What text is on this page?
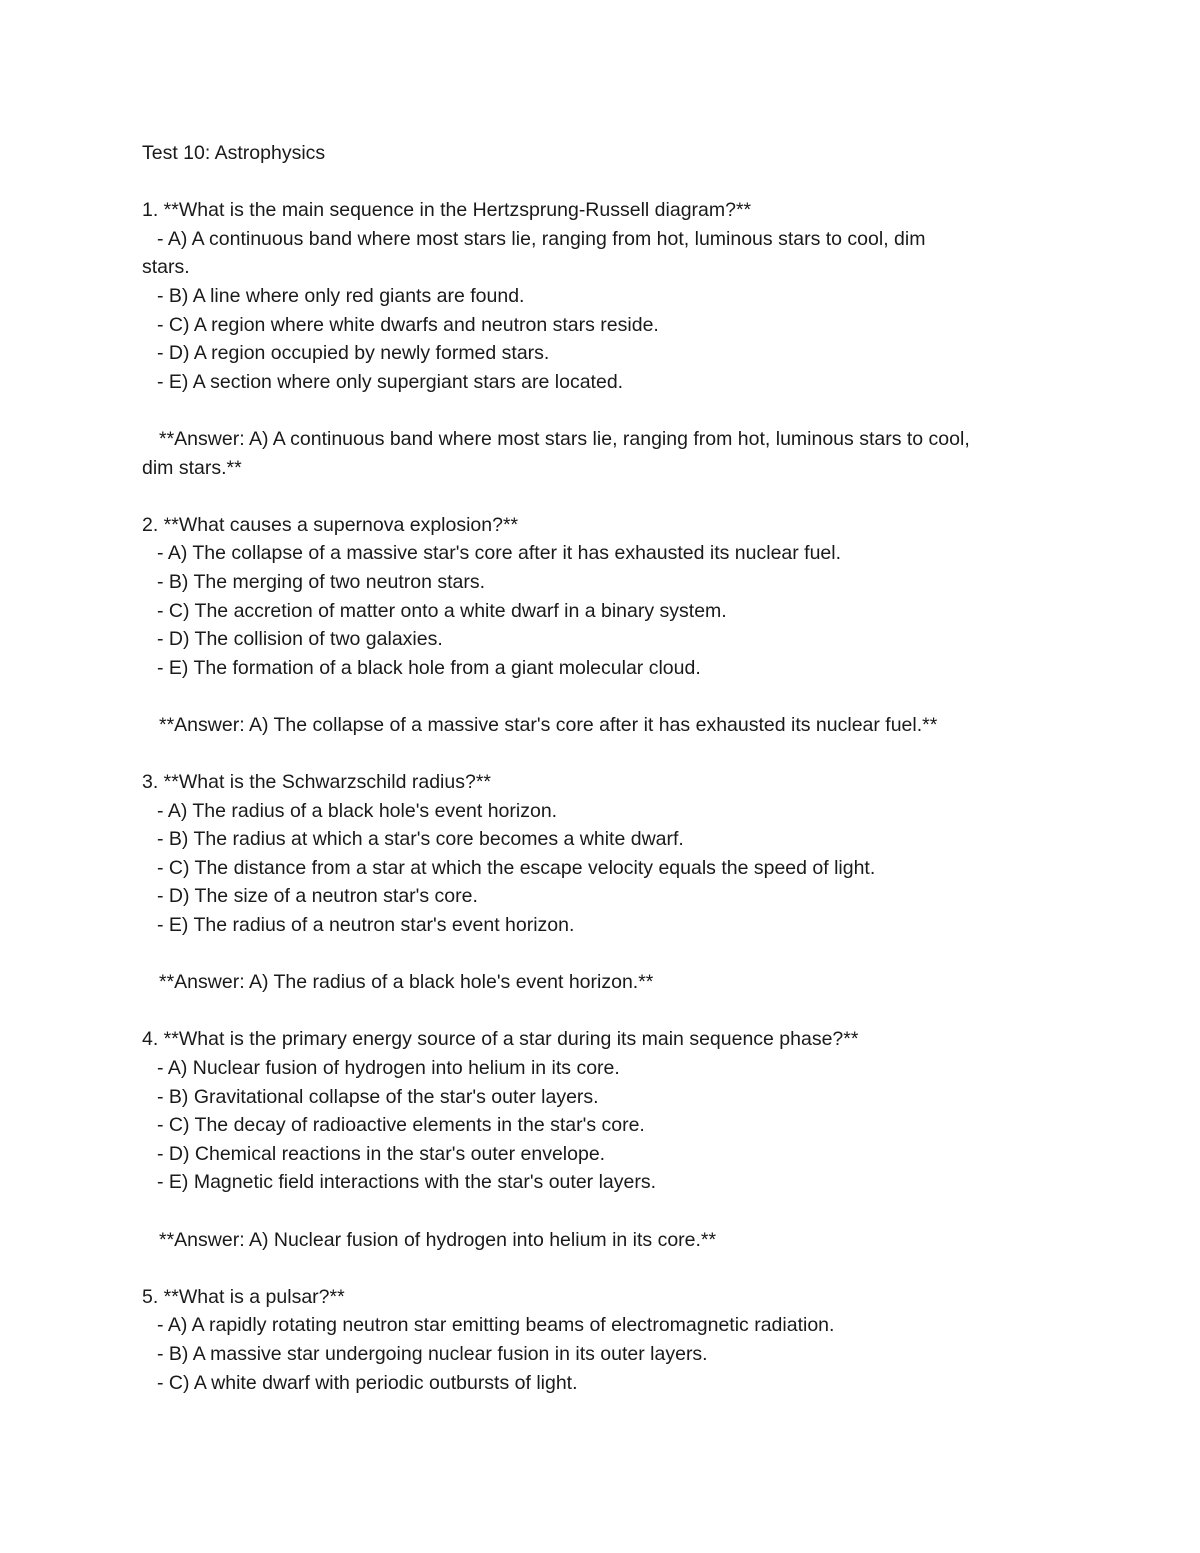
Test 10: Astrophysics
1. **What is the main sequence in the Hertzsprung-Russell diagram?**
- A) A continuous band where most stars lie, ranging from hot, luminous stars to cool, dim
stars.
- B) A line where only red giants are found.
- C) A region where white dwarfs and neutron stars reside.
- D) A region occupied by newly formed stars.
- E) A section where only supergiant stars are located.
**Answer: A) A continuous band where most stars lie, ranging from hot, luminous stars to cool,
dim stars.**
2. **What causes a supernova explosion?**
- A) The collapse of a massive star's core after it has exhausted its nuclear fuel.
- B) The merging of two neutron stars.
- C) The accretion of matter onto a white dwarf in a binary system.
- D) The collision of two galaxies.
- E) The formation of a black hole from a giant molecular cloud.
**Answer: A) The collapse of a massive star's core after it has exhausted its nuclear fuel.**
3. **What is the Schwarzschild radius?**
- A) The radius of a black hole's event horizon.
- B) The radius at which a star's core becomes a white dwarf.
- C) The distance from a star at which the escape velocity equals the speed of light.
- D) The size of a neutron star's core.
- E) The radius of a neutron star's event horizon.
**Answer: A) The radius of a black hole's event horizon.**
4. **What is the primary energy source of a star during its main sequence phase?**
- A) Nuclear fusion of hydrogen into helium in its core.
- B) Gravitational collapse of the star's outer layers.
- C) The decay of radioactive elements in the star's core.
- D) Chemical reactions in the star's outer envelope.
- E) Magnetic field interactions with the star's outer layers.
**Answer: A) Nuclear fusion of hydrogen into helium in its core.**
5. **What is a pulsar?**
- A) A rapidly rotating neutron star emitting beams of electromagnetic radiation.
- B) A massive star undergoing nuclear fusion in its outer layers.
- C) A white dwarf with periodic outbursts of light.
